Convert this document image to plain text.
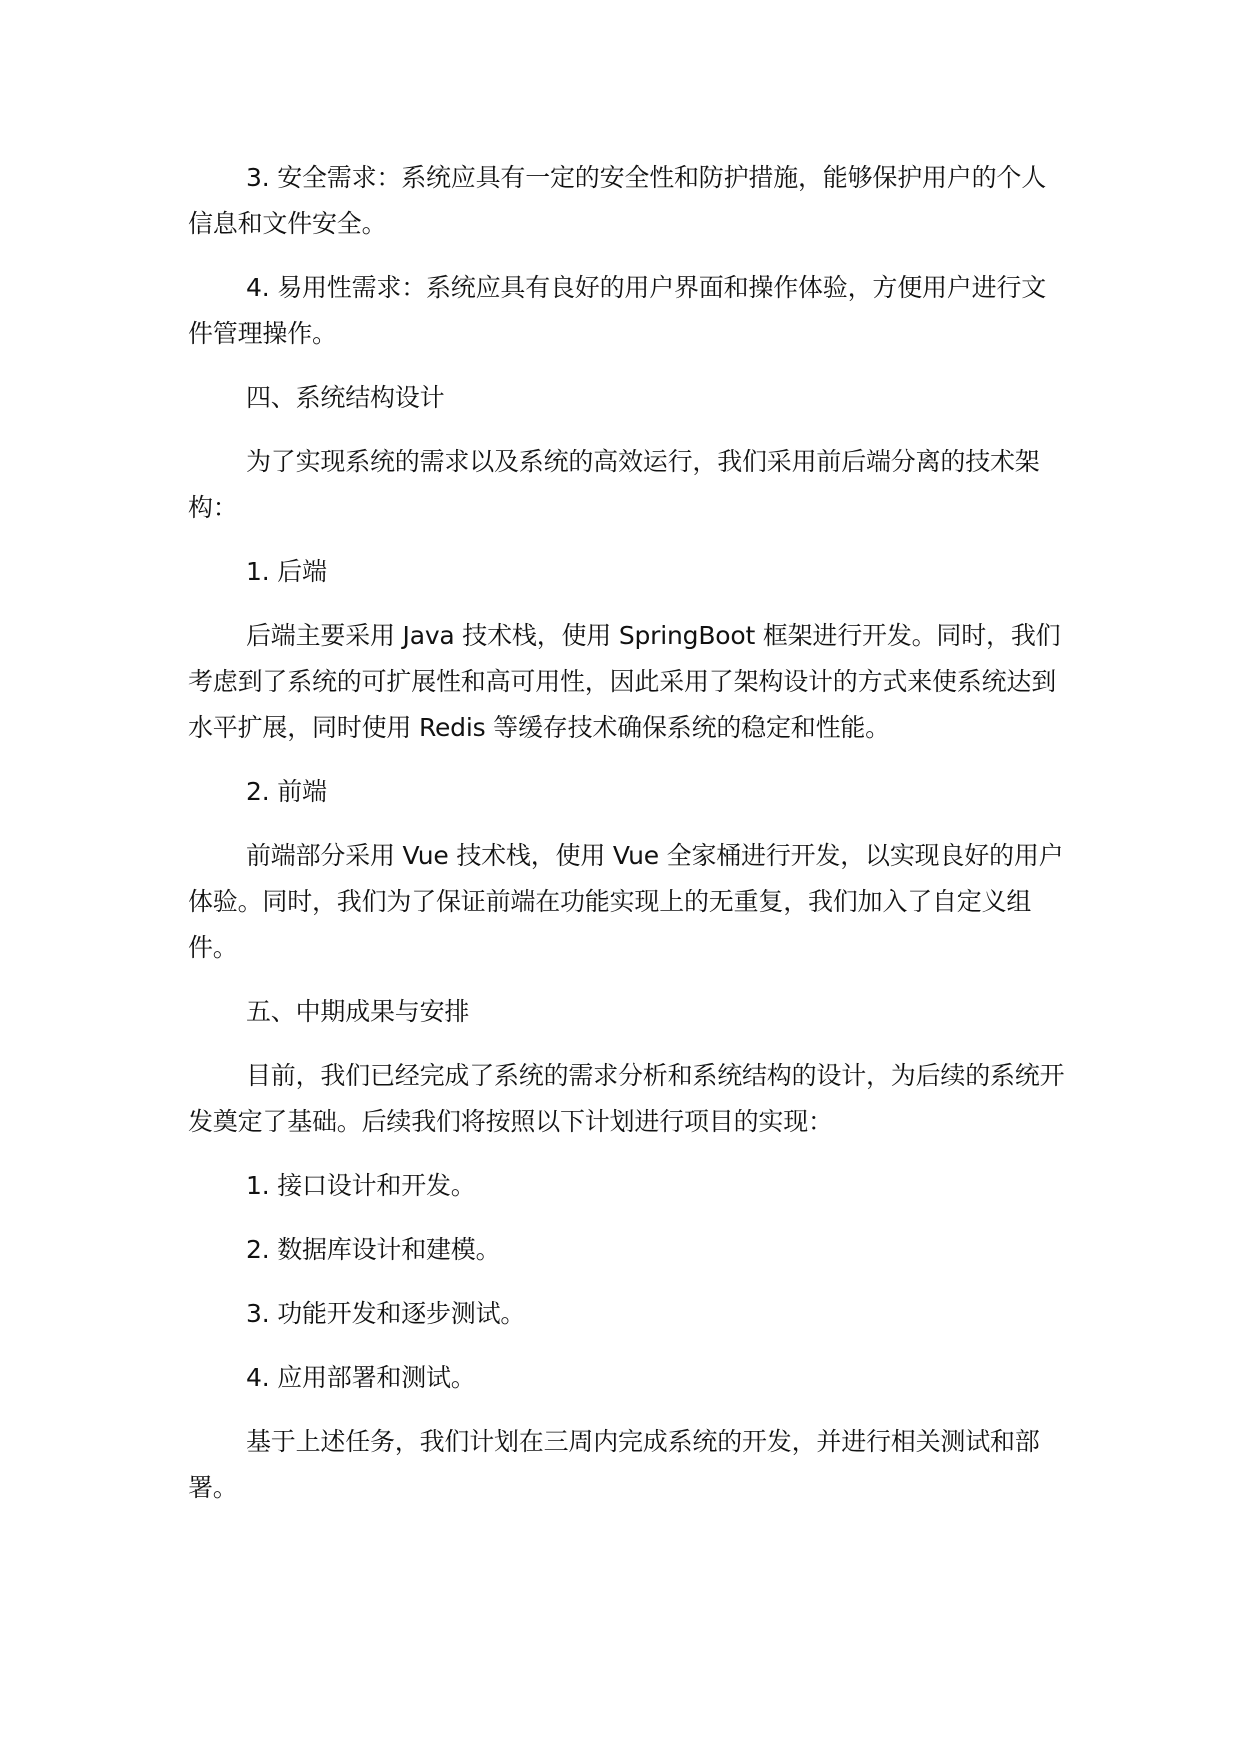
3. 安全需求：系统应具有一定的安全性和防护措施，能够保护用户的个人信息和文件安全。

4. 易用性需求：系统应具有良好的用户界面和操作体验，方便用户进行文件管理操作。

四、系统结构设计

为了实现系统的需求以及系统的高效运行，我们采用前后端分离的技术架构：

1. 后端

后端主要采用 Java 技术栈，使用 SpringBoot 框架进行开发。同时，我们考虑到了系统的可扩展性和高可用性，因此采用了架构设计的方式来使系统达到水平扩展，同时使用 Redis 等缓存技术确保系统的稳定和性能。

2. 前端

前端部分采用 Vue 技术栈，使用 Vue 全家桶进行开发，以实现良好的用户体验。同时，我们为了保证前端在功能实现上的无重复，我们加入了自定义组件。

五、中期成果与安排

目前，我们已经完成了系统的需求分析和系统结构的设计，为后续的系统开发奠定了基础。后续我们将按照以下计划进行项目的实现：

1. 接口设计和开发。

2. 数据库设计和建模。

3. 功能开发和逐步测试。

4. 应用部署和测试。

基于上述任务，我们计划在三周内完成系统的开发，并进行相关测试和部署。
